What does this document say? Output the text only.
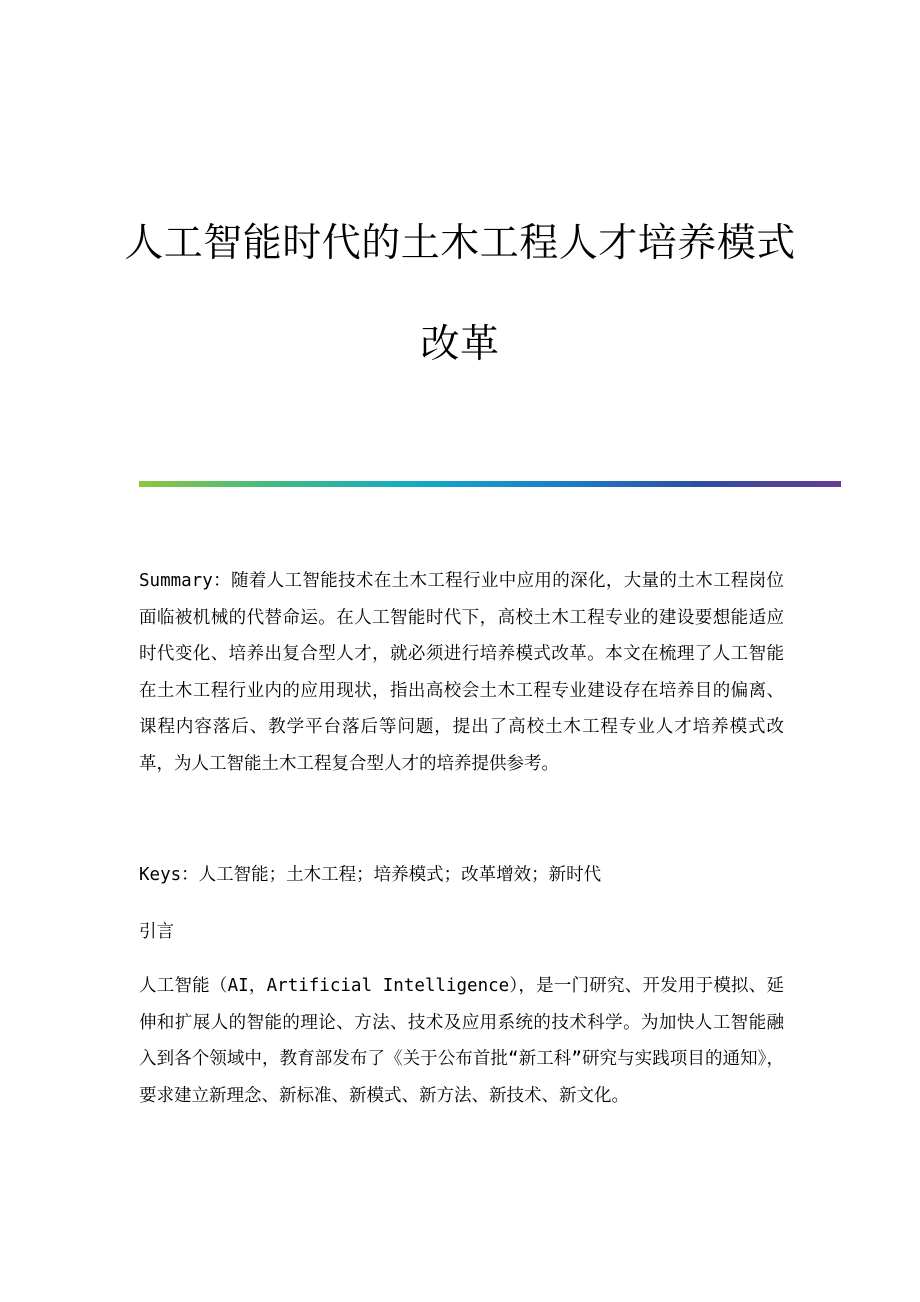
人工智能时代的土木工程人才培养模式
改革

Summary：随着人工智能技术在土木工程行业中应用的深化，大量的土木工程岗位面临被机械的代替命运。在人工智能时代下，高校土木工程专业的建设要想能适应时代变化、培养出复合型人才，就必须进行培养模式改革。本文在梳理了人工智能在土木工程行业内的应用现状，指出高校会土木工程专业建设存在培养目的偏离、课程内容落后、教学平台落后等问题，提出了高校土木工程专业人才培养模式改革，为人工智能土木工程复合型人才的培养提供参考。

Keys：人工智能；土木工程；培养模式；改革增效；新时代

引言

人工智能（AI，Artificial Intelligence），是一门研究、开发用于模拟、延伸和扩展人的智能的理论、方法、技术及应用系统的技术科学。为加快人工智能融入到各个领域中，教育部发布了《关于公布首批“新工科”研究与实践项目的通知》，要求建立新理念、新标准、新模式、新方法、新技术、新文化。
